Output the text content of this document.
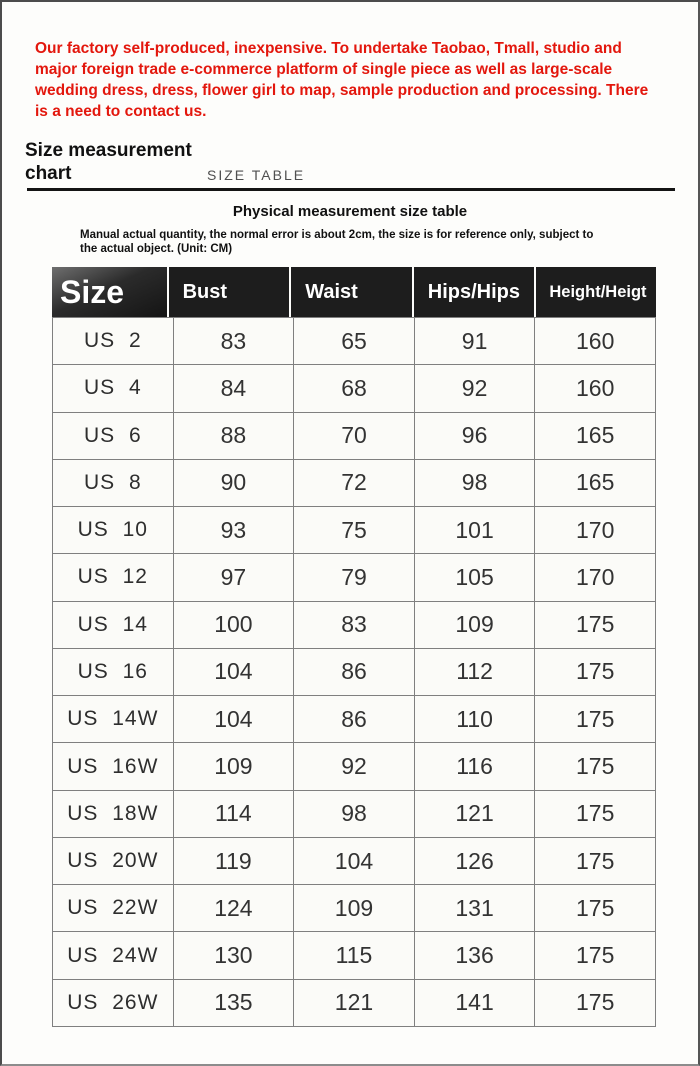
Our factory self-produced, inexpensive. To undertake Taobao, Tmall, studio and
major foreign trade e-commerce platform of single piece as well as large-scale
wedding dress, dress, flower girl to map, sample production and processing. There
is a need to contact us.
Size measurement
chart	SIZE TABLE
Physical measurement size table
Manual actual quantity, the normal error is about 2cm, the size is for reference only, subject to
the actual object. (Unit: CM)
Size	Bust	Waist	Hips/Hips	Height/Heigt
US 2	83	65	91	160
US 4	84	68	92	160
US 6	88	70	96	165
US 8	90	72	98	165
US 10	93	75	101	170
US 12	97	79	105	170
US 14	100	83	109	175
US 16	104	86	112	175
US 14W	104	86	110	175
US 16W	109	92	116	175
US 18W	114	98	121	175
US 20W	119	104	126	175
US 22W	124	109	131	175
US 24W	130	115	136	175
US 26W	135	121	141	175
